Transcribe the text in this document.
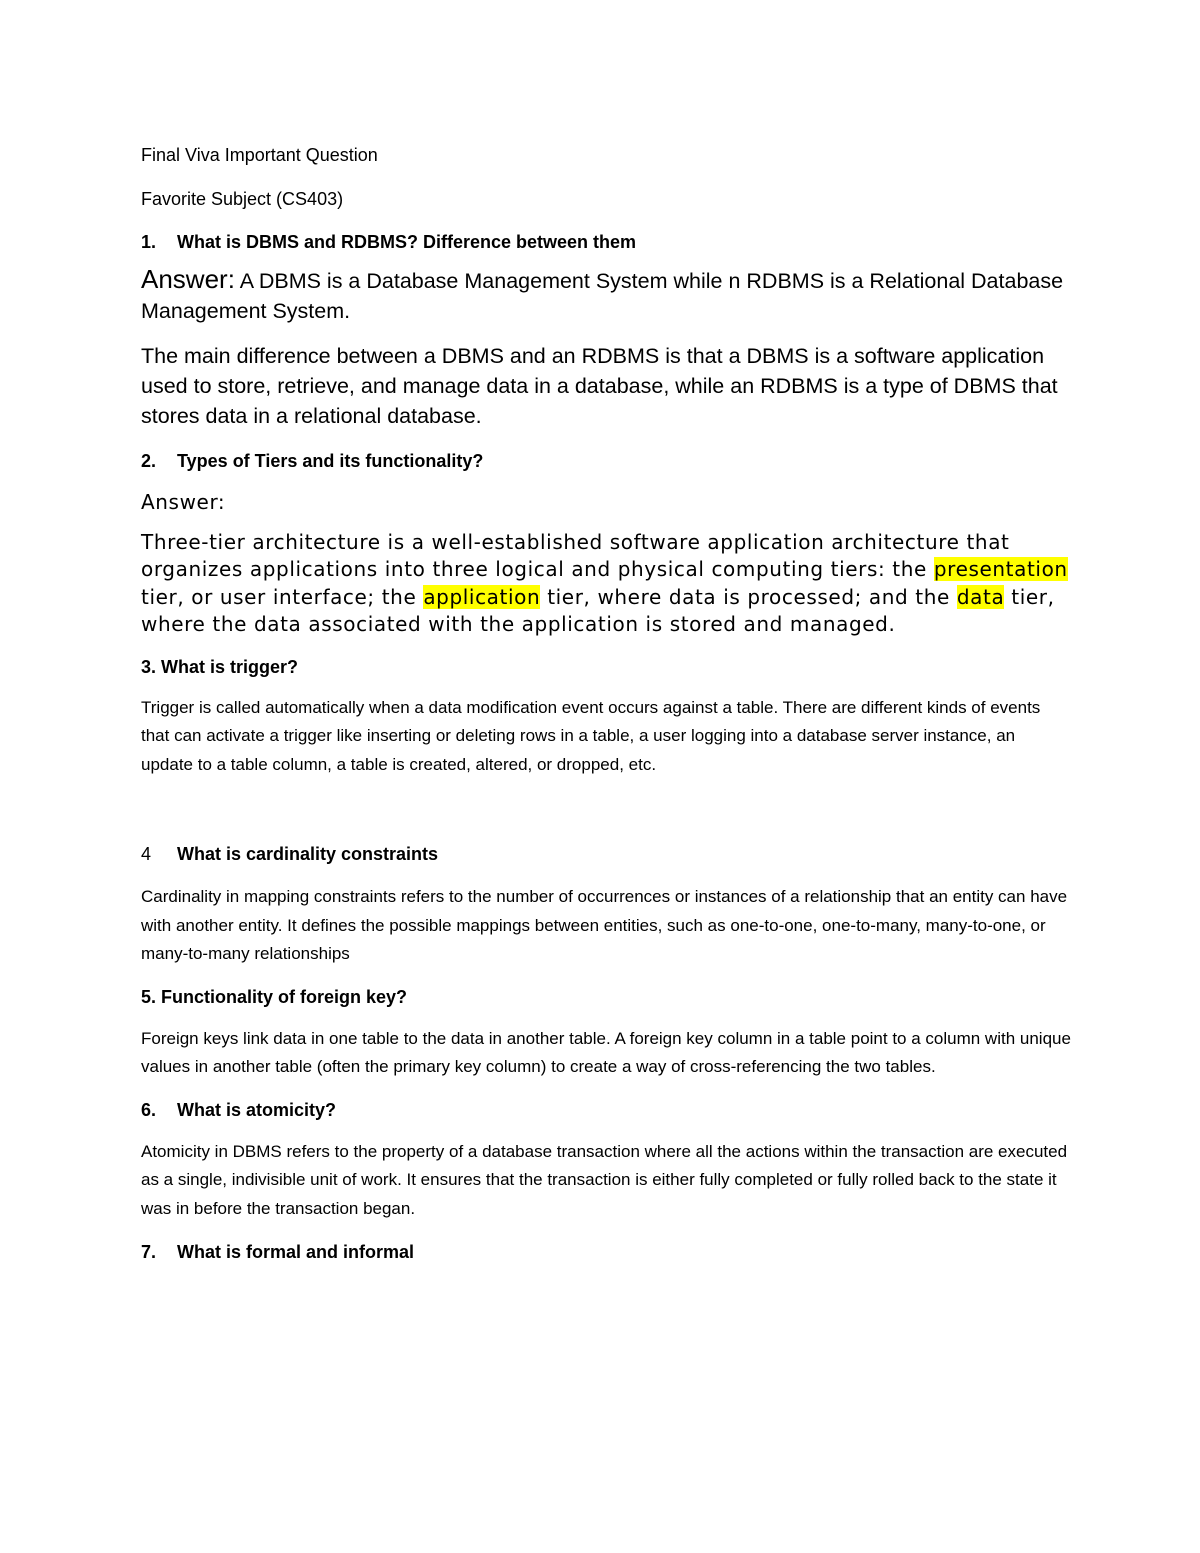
Final Viva Important Question

Favorite Subject (CS403)

1. What is DBMS and RDBMS? Difference between them

Answer: A DBMS is a Database Management System while n RDBMS is a Relational Database Management System.

The main difference between a DBMS and an RDBMS is that a DBMS is a software application used to store, retrieve, and manage data in a database, while an RDBMS is a type of DBMS that stores data in a relational database.

2. Types of Tiers and its functionality?

Answer:

Three-tier architecture is a well-established software application architecture that organizes applications into three logical and physical computing tiers: the presentation tier, or user interface; the application tier, where data is processed; and the data tier, where the data associated with the application is stored and managed.

3. What is trigger?

Trigger is called automatically when a data modification event occurs against a table. There are different kinds of events that can activate a trigger like inserting or deleting rows in a table, a user logging into a database server instance, an update to a table column, a table is created, altered, or dropped, etc.

4 What is cardinality constraints

Cardinality in mapping constraints refers to the number of occurrences or instances of a relationship that an entity can have with another entity. It defines the possible mappings between entities, such as one-to-one, one-to-many, many-to-one, or many-to-many relationships

5. Functionality of foreign key?

Foreign keys link data in one table to the data in another table. A foreign key column in a table point to a column with unique values in another table (often the primary key column) to create a way of cross-referencing the two tables.

6. What is atomicity?

Atomicity in DBMS refers to the property of a database transaction where all the actions within the transaction are executed as a single, indivisible unit of work. It ensures that the transaction is either fully completed or fully rolled back to the state it was in before the transaction began.

7. What is formal and informal
